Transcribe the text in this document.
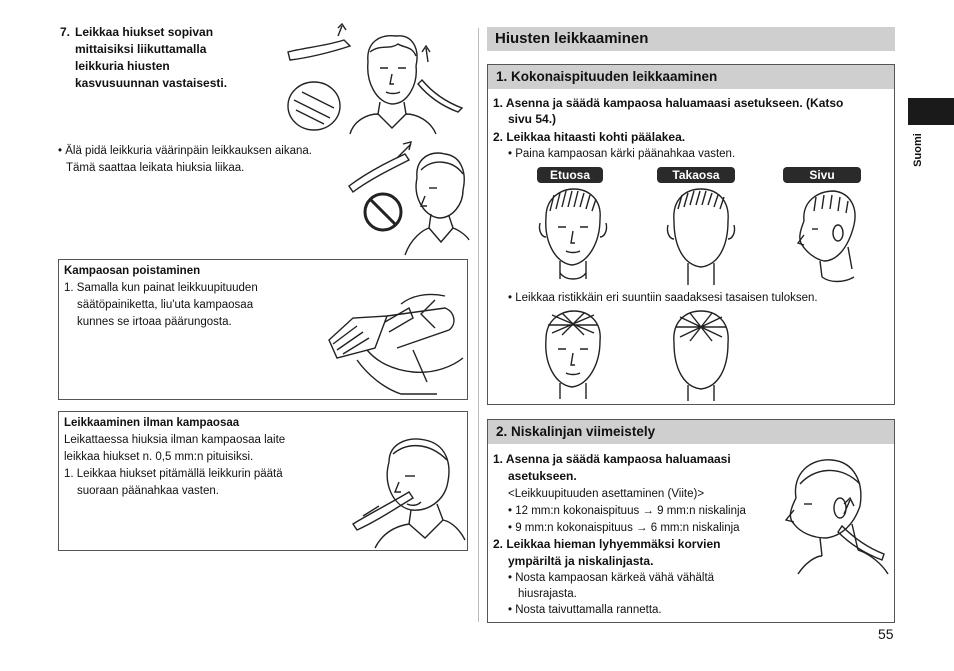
7. Leikkaa hiukset sopivan
mittaisiksi liikuttamalla
leikkuria hiusten
kasvusuunnan vastaisesti.
• Älä pidä leikkuria väärinpäin leikkauksen aikana.
Tämä saattaa leikata hiuksia liikaa.
Kampaosan poistaminen
1. Samalla kun painat leikkuupituuden
säätöpainiketta, liu'uta kampaosaa
kunnes se irtoaa päärungosta.
Leikkaaminen ilman kampaosaa
Leikattaessa hiuksia ilman kampaosaa laite
leikkaa hiukset n. 0,5 mm:n pituisiksi.
1. Leikkaa hiukset pitämällä leikkurin päätä
suoraan päänahkaa vasten.
Hiusten leikkaaminen
1. Kokonaispituuden leikkaaminen
1. Asenna ja säädä kampaosa haluamaasi asetukseen. (Katso
sivu 54.)
2. Leikkaa hitaasti kohti päälakea.
• Paina kampaosan kärki päänahkaa vasten.
Etuosa	Takaosa	Sivu
• Leikkaa ristikkäin eri suuntiin saadaksesi tasaisen tuloksen.
2. Niskalinjan viimeistely
1. Asenna ja säädä kampaosa haluamaasi
asetukseen.
<Leikkuupituuden asettaminen (Viite)>
• 12 mm:n kokonaispituus → 9 mm:n niskalinja
• 9 mm:n kokonaispituus → 6 mm:n niskalinja
2. Leikkaa hieman lyhyemmäksi korvien
ympäriltä ja niskalinjasta.
• Nosta kampaosan kärkeä vähä vähältä
hiusrajasta.
• Nosta taivuttamalla rannetta.
Suomi
55
